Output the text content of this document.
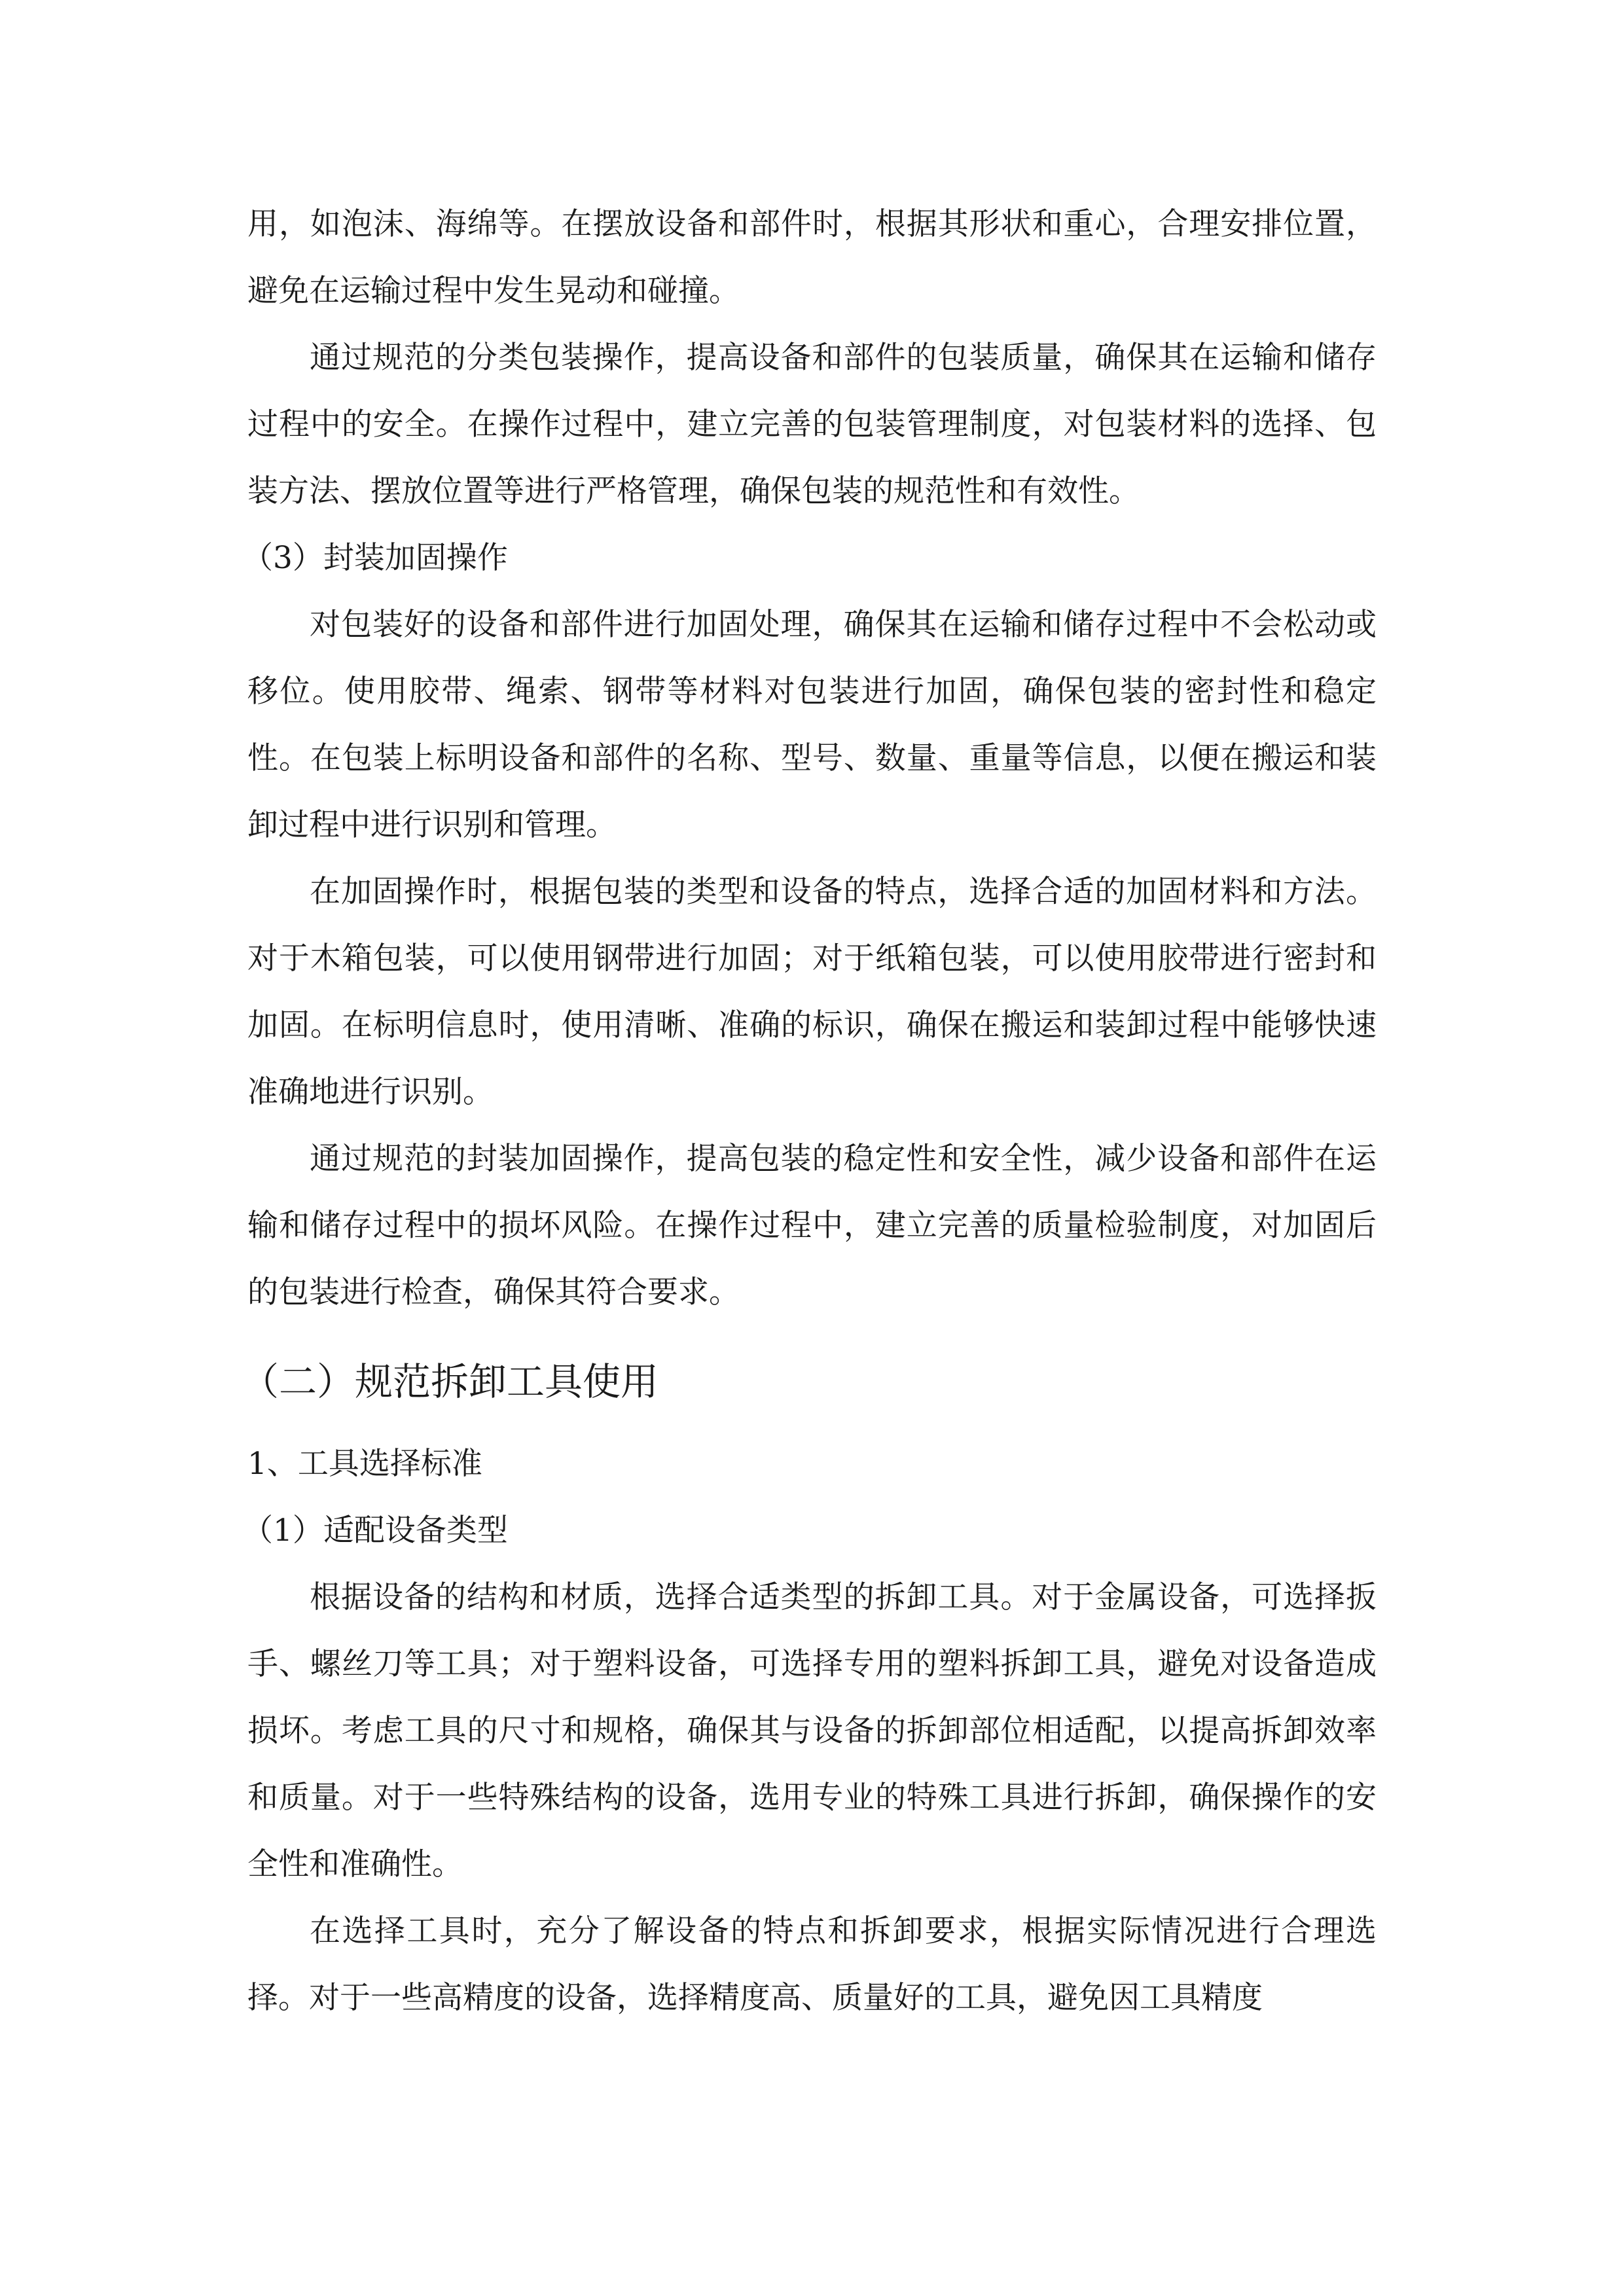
用，如泡沫、海绵等。在摆放设备和部件时，根据其形状和重心，合理安排位置，避免在运输过程中发生晃动和碰撞。

通过规范的分类包装操作，提高设备和部件的包装质量，确保其在运输和储存过程中的安全。在操作过程中，建立完善的包装管理制度，对包装材料的选择、包装方法、摆放位置等进行严格管理，确保包装的规范性和有效性。

（3）封装加固操作

对包装好的设备和部件进行加固处理，确保其在运输和储存过程中不会松动或移位。使用胶带、绳索、钢带等材料对包装进行加固，确保包装的密封性和稳定性。在包装上标明设备和部件的名称、型号、数量、重量等信息，以便在搬运和装卸过程中进行识别和管理。

在加固操作时，根据包装的类型和设备的特点，选择合适的加固材料和方法。对于木箱包装，可以使用钢带进行加固；对于纸箱包装，可以使用胶带进行密封和加固。在标明信息时，使用清晰、准确的标识，确保在搬运和装卸过程中能够快速准确地进行识别。

通过规范的封装加固操作，提高包装的稳定性和安全性，减少设备和部件在运输和储存过程中的损坏风险。在操作过程中，建立完善的质量检验制度，对加固后的包装进行检查，确保其符合要求。

（二）规范拆卸工具使用

1、工具选择标准

（1）适配设备类型

根据设备的结构和材质，选择合适类型的拆卸工具。对于金属设备，可选择扳手、螺丝刀等工具；对于塑料设备，可选择专用的塑料拆卸工具，避免对设备造成损坏。考虑工具的尺寸和规格，确保其与设备的拆卸部位相适配，以提高拆卸效率和质量。对于一些特殊结构的设备，选用专业的特殊工具进行拆卸，确保操作的安全性和准确性。

在选择工具时，充分了解设备的特点和拆卸要求，根据实际情况进行合理选择。对于一些高精度的设备，选择精度高、质量好的工具，避免因工具精度
